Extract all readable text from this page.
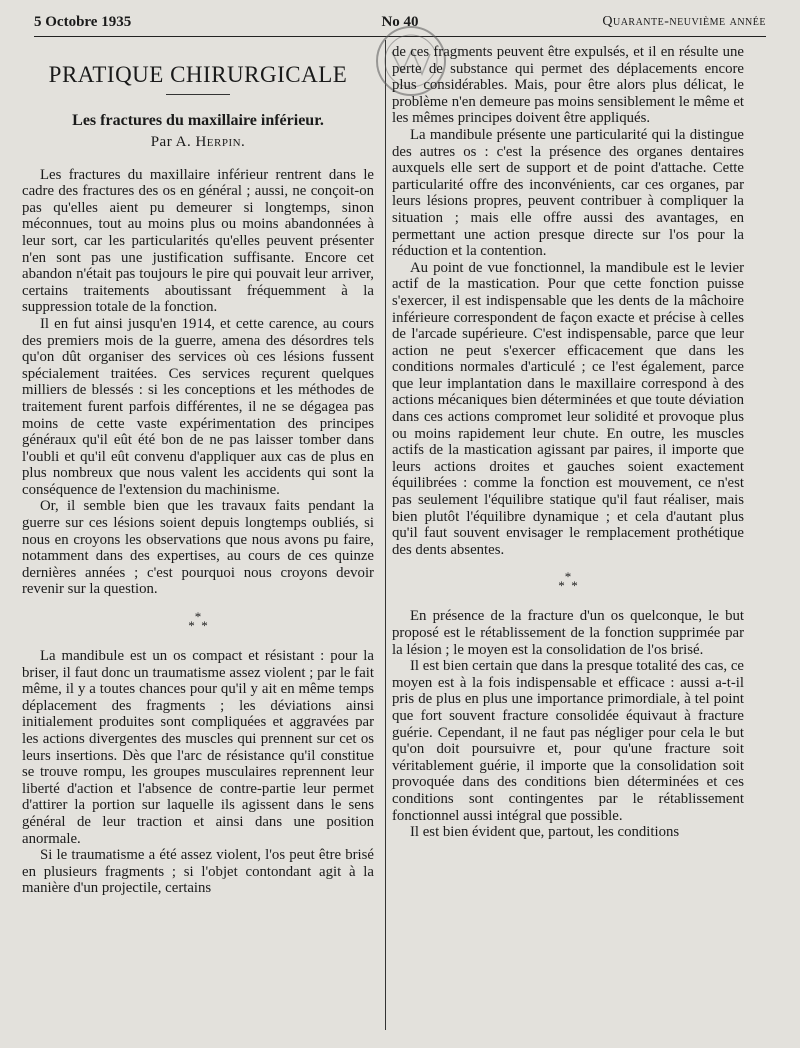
5 Octobre 1935	No 40	Quarante-neuvième année
PRATIQUE CHIRURGICALE
Les fractures du maxillaire inférieur.
Par A. Herpin.

Les fractures du maxillaire inférieur rentrent dans le cadre des fractures des os en général ; aussi, ne conçoit-on pas qu'elles aient pu demeurer si longtemps, sinon méconnues, tout au moins plus ou moins abandonnées à leur sort, car les particularités qu'elles peuvent présenter n'en sont pas une justification suffisante. Encore cet abandon n'était pas toujours le pire qui pouvait leur arriver, certains traitements aboutissant fréquemment à la suppression totale de la fonction.

Il en fut ainsi jusqu'en 1914, et cette carence, au cours des premiers mois de la guerre, amena des désordres tels qu'on dût organiser des services où ces lésions fussent spécialement traitées. Ces services reçurent quelques milliers de blessés : si les conceptions et les méthodes de traitement furent parfois différentes, il ne se dégagea pas moins de cette vaste expérimentation des principes généraux qu'il eût été bon de ne pas laisser tomber dans l'oubli et qu'il eût convenu d'appliquer aux cas de plus en plus nombreux que nous valent les accidents qui sont la conséquence de l'extension du machinisme.

Or, il semble bien que les travaux faits pendant la guerre sur ces lésions soient depuis longtemps oubliés, si nous en croyons les observations que nous avons pu faire, notamment dans des expertises, au cours de ces quinze dernières années ; c'est pourquoi nous croyons devoir revenir sur la question.

*
* *

La mandibule est un os compact et résistant : pour la briser, il faut donc un traumatisme assez violent ; par le fait même, il y a toutes chances pour qu'il y ait en même temps déplacement des fragments ; les déviations ainsi initialement produites sont compliquées et aggravées par les actions divergentes des muscles qui prennent sur cet os leurs insertions. Dès que l'arc de résistance qu'il constitue se trouve rompu, les groupes musculaires reprennent leur liberté d'action et l'absence de contre-partie leur permet d'attirer la portion sur laquelle ils agissent dans le sens général de leur traction et ainsi dans une position anormale.

Si le traumatisme a été assez violent, l'os peut être brisé en plusieurs fragments ; si l'objet contondant agit à la manière d'un projectile, certains

de ces fragments peuvent être expulsés, et il en résulte une perte de substance qui permet des déplacements encore plus considérables. Mais, pour être alors plus délicat, le problème n'en demeure pas moins sensiblement le même et les mêmes principes doivent être appliqués.

La mandibule présente une particularité qui la distingue des autres os : c'est la présence des organes dentaires auxquels elle sert de support et de point d'attache. Cette particularité offre des inconvénients, car ces organes, par leurs lésions propres, peuvent contribuer à compliquer la situation ; mais elle offre aussi des avantages, en permettant une action presque directe sur l'os pour la réduction et la contention.

Au point de vue fonctionnel, la mandibule est le levier actif de la mastication. Pour que cette fonction puisse s'exercer, il est indispensable que les dents de la mâchoire inférieure correspondent de façon exacte et précise à celles de l'arcade supérieure. C'est indispensable, parce que leur action ne peut s'exercer efficacement que dans les conditions normales d'articulé ; ce l'est également, parce que leur implantation dans le maxillaire correspond à des actions mécaniques bien déterminées et que toute déviation dans ces actions compromet leur solidité et provoque plus ou moins rapidement leur chute. En outre, les muscles actifs de la mastication agissant par paires, il importe que leurs actions droites et gauches soient exactement équilibrées : comme la fonction est mouvement, ce n'est pas seulement l'équilibre statique qu'il faut réaliser, mais bien plutôt l'équilibre dynamique ; et cela d'autant plus qu'il faut souvent envisager le remplacement prothétique des dents absentes.

*
* *

En présence de la fracture d'un os quelconque, le but proposé est le rétablissement de la fonction supprimée par la lésion ; le moyen est la consolidation de l'os brisé.

Il est bien certain que dans la presque totalité des cas, ce moyen est à la fois indispensable et efficace : aussi a-t-il pris de plus en plus une importance primordiale, à tel point que fort souvent fracture consolidée équivaut à fracture guérie. Cependant, il ne faut pas négliger pour cela le but qu'on doit poursuivre et, pour qu'une fracture soit véritablement guérie, il importe que la consolidation soit provoquée dans des conditions bien déterminées et ces conditions sont contingentes par le rétablissement fonctionnel aussi intégral que possible.

Il est bien évident que, partout, les conditions
